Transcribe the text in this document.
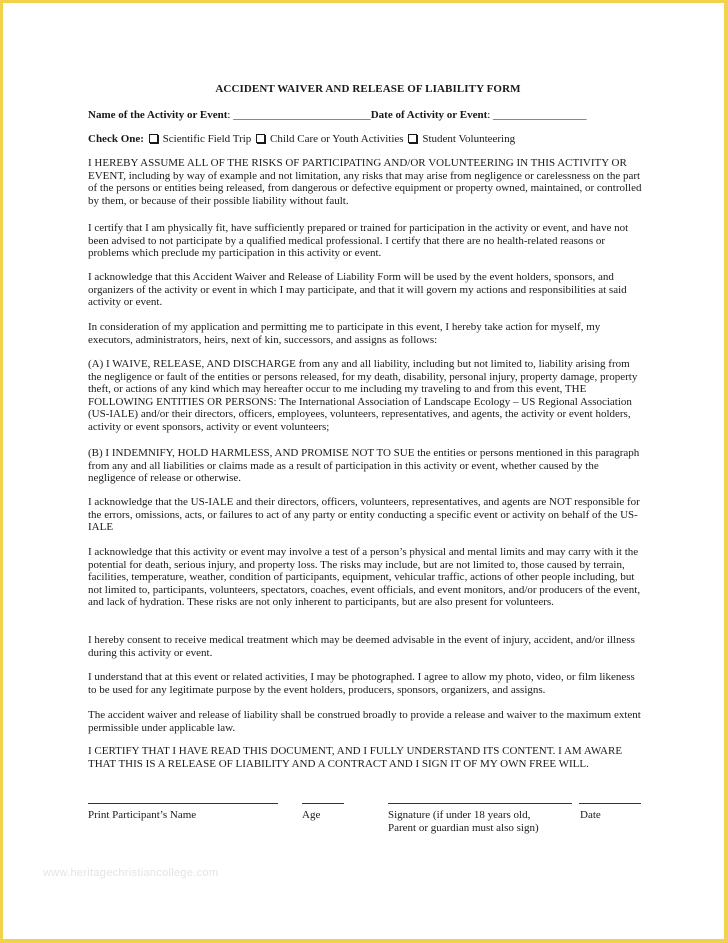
ACCIDENT WAIVER AND RELEASE OF LIABILITY FORM
Name of the Activity or Event: _________________________Date of Activity or Event: _________________
Check One: Scientific Field Trip Child Care or Youth Activities Student Volunteering

I HEREBY ASSUME ALL OF THE RISKS OF PARTICIPATING AND/OR VOLUNTEERING IN THIS ACTIVITY OR EVENT, including by way of example and not limitation, any risks that may arise from negligence or carelessness on the part of the persons or entities being released, from dangerous or defective equipment or property owned, maintained, or controlled by them, or because of their possible liability without fault.

I certify that I am physically fit, have sufficiently prepared or trained for participation in the activity or event, and have not been advised to not participate by a qualified medical professional. I certify that there are no health-related reasons or problems which preclude my participation in this activity or event.

I acknowledge that this Accident Waiver and Release of Liability Form will be used by the event holders, sponsors, and organizers of the activity or event in which I may participate, and that it will govern my actions and responsibilities at said activity or event.

In consideration of my application and permitting me to participate in this event, I hereby take action for myself, my executors, administrators, heirs, next of kin, successors, and assigns as follows:

(A) I WAIVE, RELEASE, AND DISCHARGE from any and all liability, including but not limited to, liability arising from the negligence or fault of the entities or persons released, for my death, disability, personal injury, property damage, property theft, or actions of any kind which may hereafter occur to me including my traveling to and from this event, THE FOLLOWING ENTITIES OR PERSONS: The International Association of Landscape Ecology – US Regional Association (US-IALE) and/or their directors, officers, employees, volunteers, representatives, and agents, the activity or event holders, activity or event sponsors, activity or event volunteers;

(B) I INDEMNIFY, HOLD HARMLESS, AND PROMISE NOT TO SUE the entities or persons mentioned in this paragraph from any and all liabilities or claims made as a result of participation in this activity or event, whether caused by the negligence of release or otherwise.

I acknowledge that the US-IALE and their directors, officers, volunteers, representatives, and agents are NOT responsible for the errors, omissions, acts, or failures to act of any party or entity conducting a specific event or activity on behalf of the US-IALE

I acknowledge that this activity or event may involve a test of a person’s physical and mental limits and may carry with it the potential for death, serious injury, and property loss. The risks may include, but are not limited to, those caused by terrain, facilities, temperature, weather, condition of participants, equipment, vehicular traffic, actions of other people including, but not limited to, participants, volunteers, spectators, coaches, event officials, and event monitors, and/or producers of the event, and lack of hydration. These risks are not only inherent to participants, but are also present for volunteers.

I hereby consent to receive medical treatment which may be deemed advisable in the event of injury, accident, and/or illness during this activity or event.

I understand that at this event or related activities, I may be photographed. I agree to allow my photo, video, or film likeness to be used for any legitimate purpose by the event holders, producers, sponsors, organizers, and assigns.

The accident waiver and release of liability shall be construed broadly to provide a release and waiver to the maximum extent permissible under applicable law.

I CERTIFY THAT I HAVE READ THIS DOCUMENT, AND I FULLY UNDERSTAND ITS CONTENT. I AM AWARE THAT THIS IS A RELEASE OF LIABILITY AND A CONTRACT AND I SIGN IT OF MY OWN FREE WILL.

Print Participant’s Name	Age	Signature (if under 18 years old,
Parent or guardian must also sign)
Date
www.heritagechristiancollege.com
